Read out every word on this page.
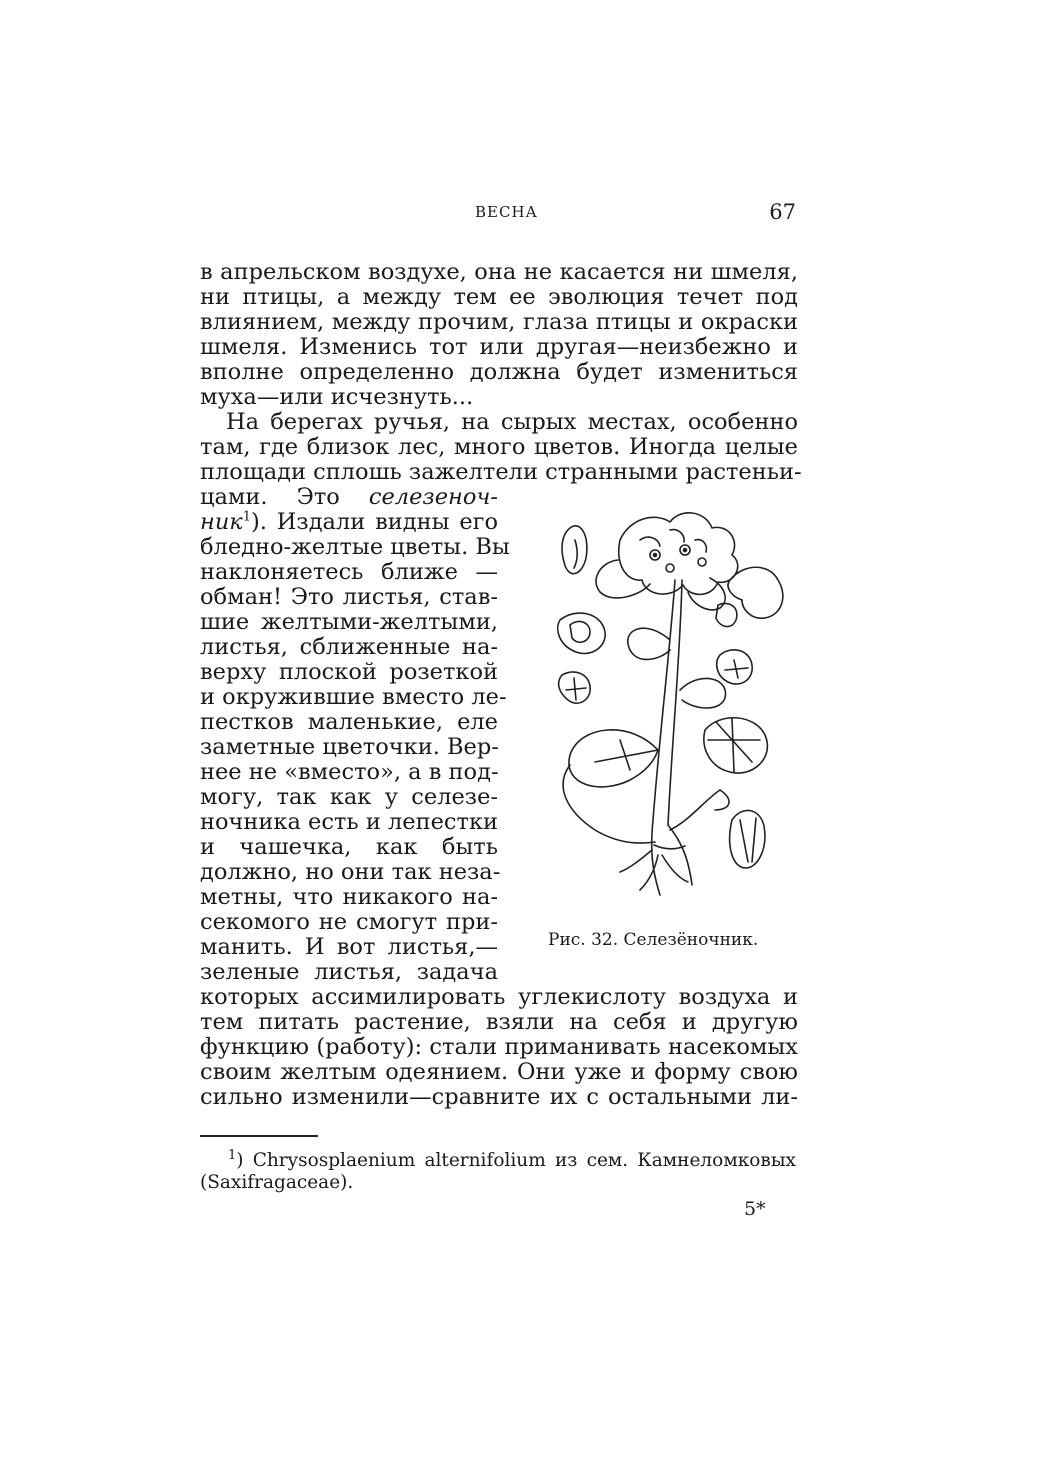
ВЕСНА	67
в апрельском воздухе, она не касается ни шмеля,
ни птицы, а между тем ее эволюция течет под
влиянием, между прочим, глаза птицы и окраски
шмеля. Изменись тот или другая—неизбежно и
вполне определенно должна будет измениться
муха—или исчезнуть...
На берегах ручья, на сырых местах, особенно
там, где близок лес, много цветов. Иногда целые
площади сплошь зажелтели странными растеньи-
цами. Это селезеноч-
ник$^1$). Издали видны его
бледно-желтые цветы. Вы
наклоняетесь ближе —
обман! Это листья, став-
шие желтыми-желтыми,
листья, сближенные на-
верху плоской розеткой
и окружившие вместо ле-
пестков маленькие, еле
заметные цветочки. Вер-
нее не «вместо», а в под-
могу, так как у селезе-
ночника есть и лепестки
и чашечка, как быть
должно, но они так неза-
метны, что никакого на-
секомого не смогут при-
манить. И вот листья,—
зеленые листья, задача
которых ассимилировать углекислоту воздуха и
тем питать растение, взяли на себя и другую
функцию (работу): стали приманивать насекомых
своим желтым одеянием. Они уже и форму свою
сильно изменили—сравните их с остальными ли-
Рис. 32. Селезёночник.
$^1$) Chrysosplaenium alternifolium из сем. Камнеломковых
(Saxifragaceae).
5*
